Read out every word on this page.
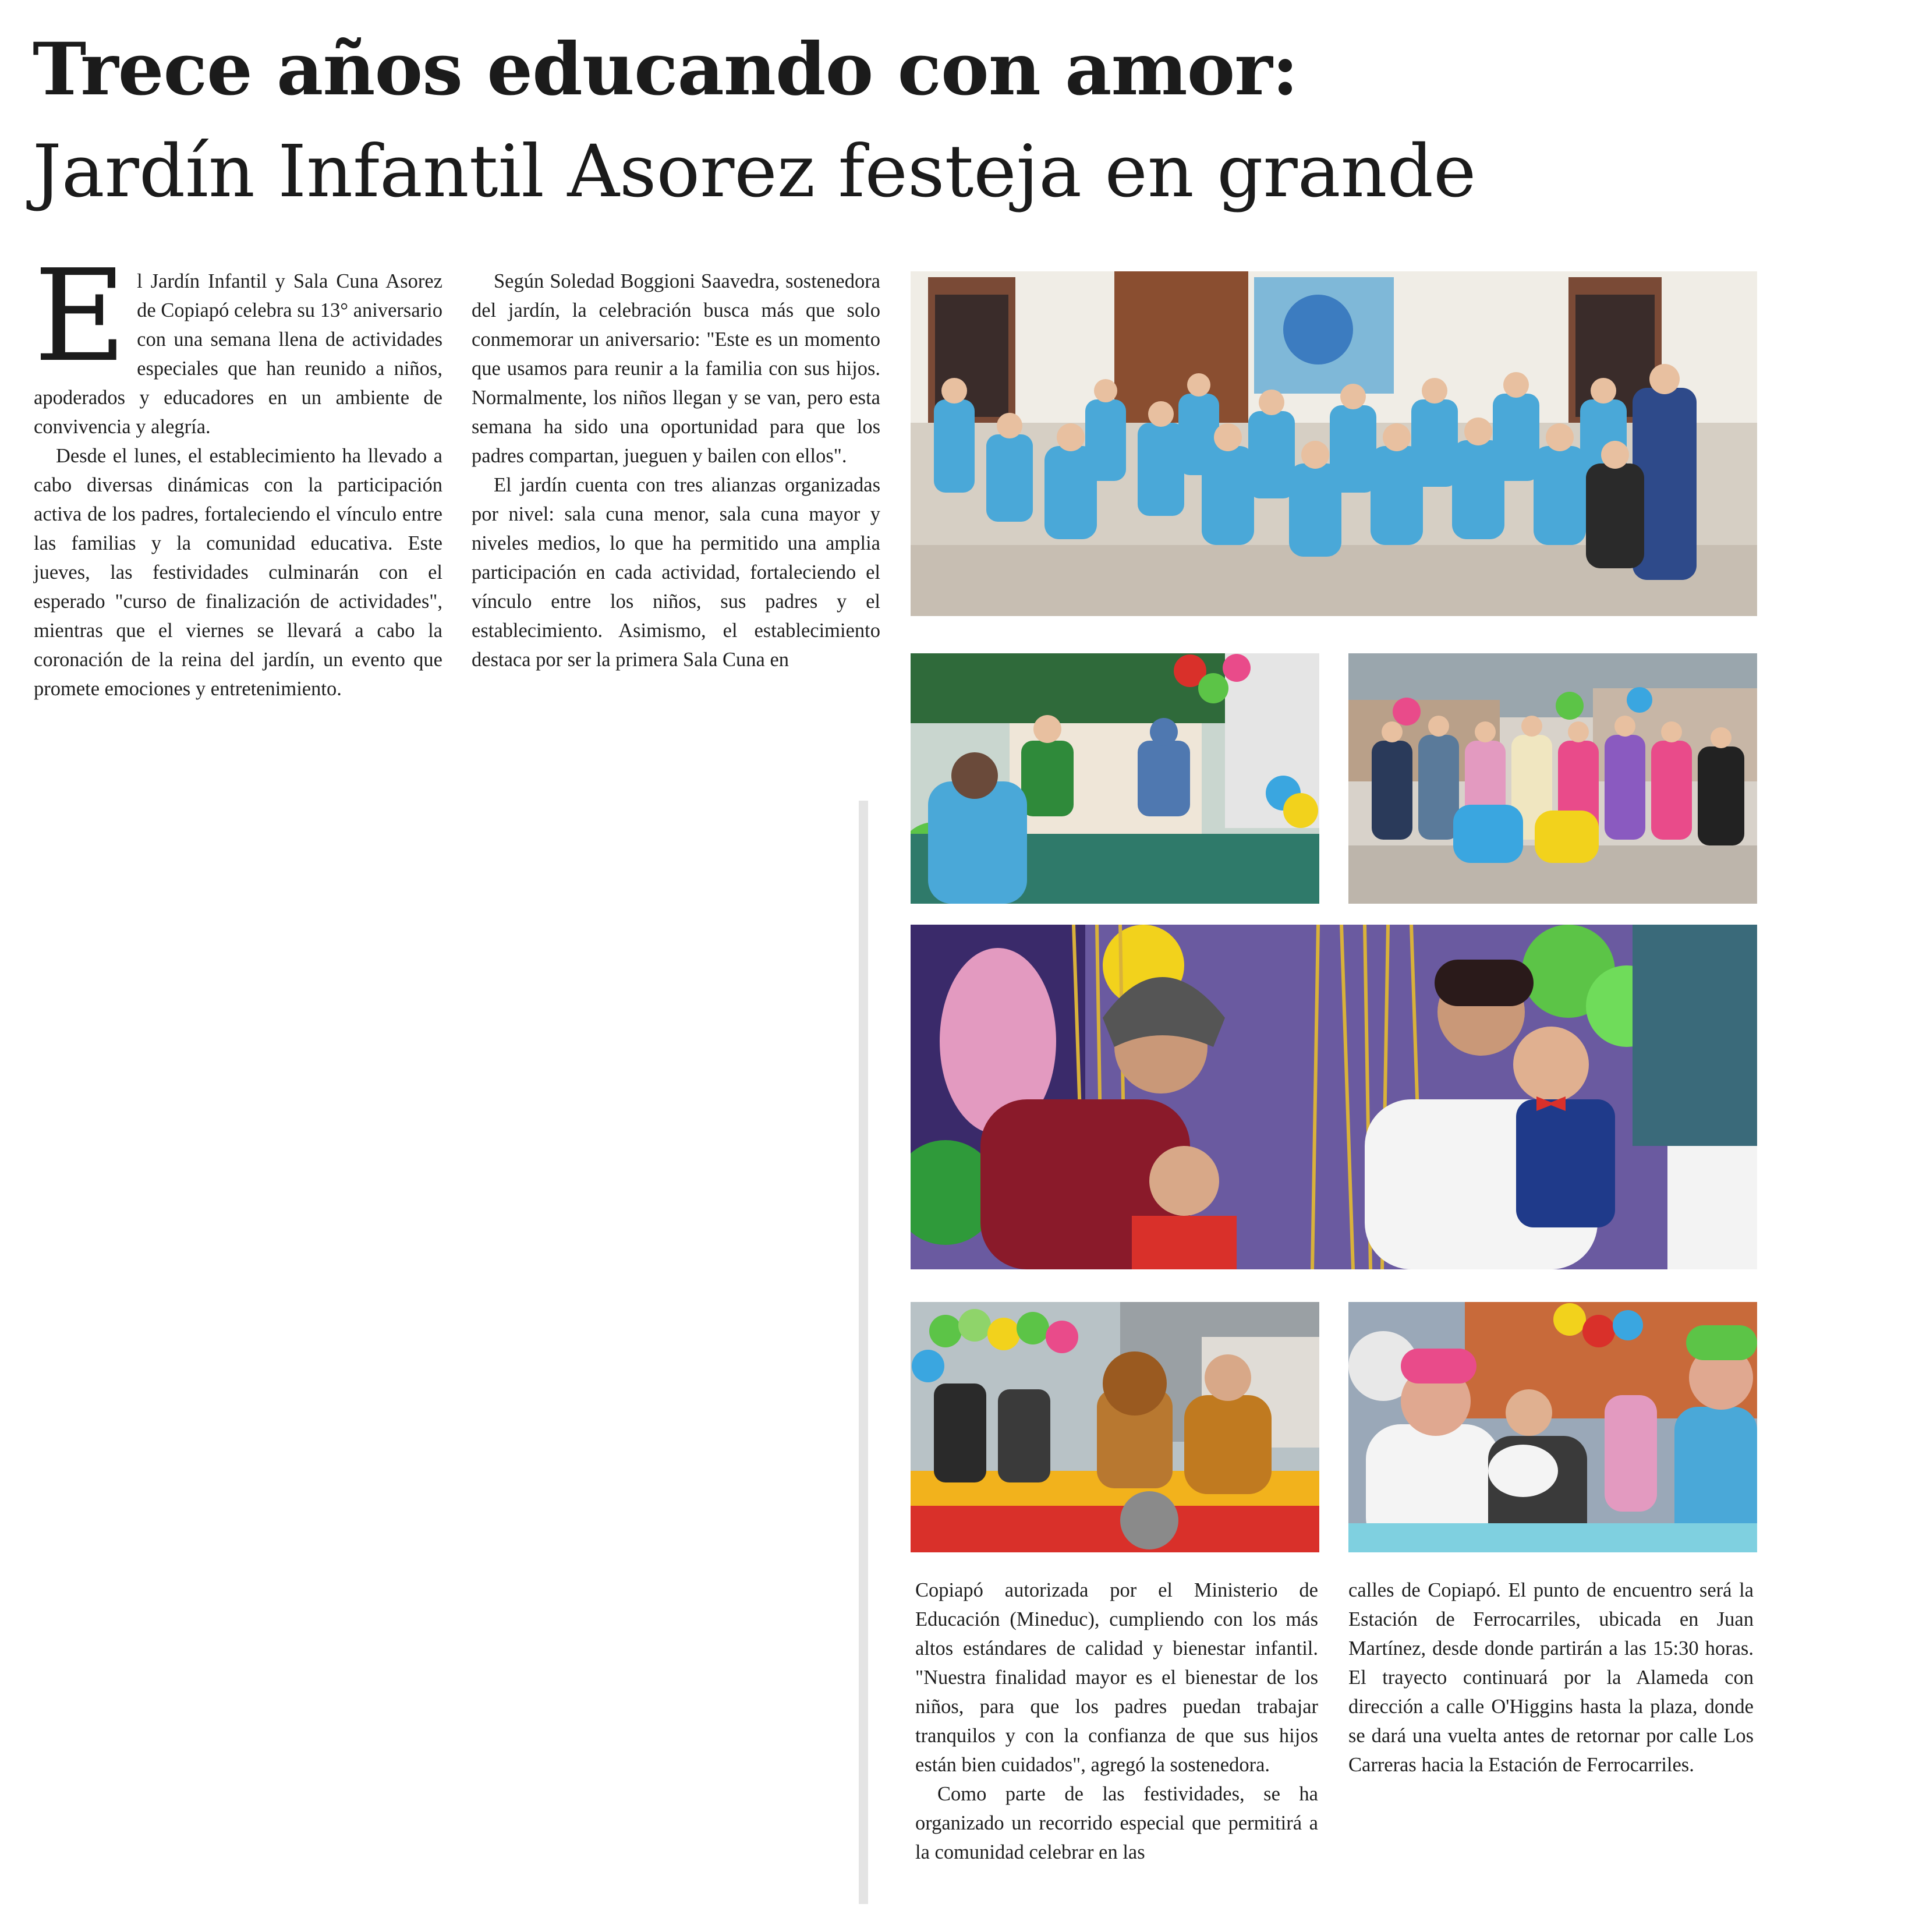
Trece años educando con amor:
Jardín Infantil Asorez festeja en grande

El Jardín Infantil y Sala Cuna Asorez de Copiapó celebra su 13° aniversario con una semana llena de actividades especiales que han reunido a niños, apoderados y educadores en un ambiente de convivencia y alegría.

Desde el lunes, el establecimiento ha llevado a cabo diversas dinámicas con la participación activa de los padres, fortaleciendo el vínculo entre las familias y la comunidad educativa. Este jueves, las festividades culminarán con el esperado "curso de finalización de actividades", mientras que el viernes se llevará a cabo la coronación de la reina del jardín, un evento que promete emociones y entretenimiento.

Según Soledad Boggioni Saavedra, sostenedora del jardín, la celebración busca más que solo conmemorar un aniversario: "Este es un momento que usamos para reunir a la familia con sus hijos. Normalmente, los niños llegan y se van, pero esta semana ha sido una oportunidad para que los padres compartan, jueguen y bailen con ellos".

El jardín cuenta con tres alianzas organizadas por nivel: sala cuna menor, sala cuna mayor y niveles medios, lo que ha permitido una amplia participación en cada actividad, fortaleciendo el vínculo entre los niños, sus padres y el establecimiento. Asimismo, el establecimiento destaca por ser la primera Sala Cuna en

Copiapó autorizada por el Ministerio de Educación (Mineduc), cumpliendo con los más altos estándares de calidad y bienestar infantil. "Nuestra finalidad mayor es el bienestar de los niños, para que los padres puedan trabajar tranquilos y con la confianza de que sus hijos están bien cuidados", agregó la sostenedora.

Como parte de las festividades, se ha organizado un recorrido especial que permitirá a la comunidad celebrar en las

calles de Copiapó. El punto de encuentro será la Estación de Ferrocarriles, ubicada en Juan Martínez, desde donde partirán a las 15:30 horas. El trayecto continuará por la Alameda con dirección a calle O'Higgins hasta la plaza, donde se dará una vuelta antes de retornar por calle Los Carreras hacia la Estación de Ferrocarriles.
